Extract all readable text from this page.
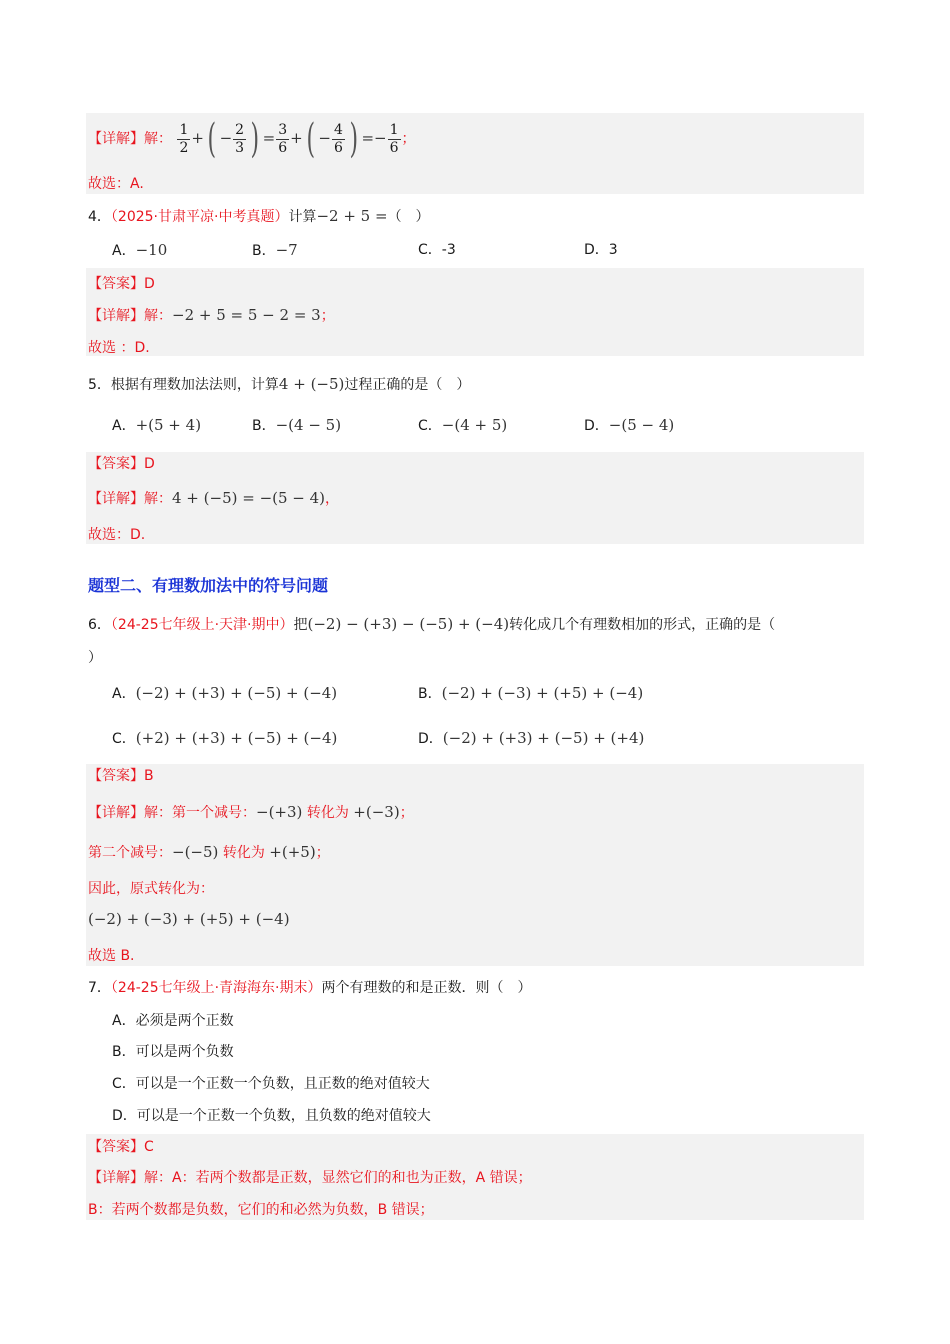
【详解】解： $\frac{1}{2}$ +( − $\frac{2}{3}$ ) = $\frac{3}{6}$ +( − $\frac{4}{6}$ ) =− $\frac{1}{6}$ ；
故选：A.
4．（2025·甘肃平凉·中考真题）计算−2 + 5 =（　）
A．−10	B．−7	C．-3	D．3
【答案】D
【详解】解：−2 + 5 = 5 − 2 = 3；
故选 ：D.
5．根据有理数加法法则，计算4 + (−5)过程正确的是（　）
A．+(5 + 4)	B．−(4 − 5)	C．−(4 + 5)	D．−(5 − 4)
【答案】D
【详解】解：4 + (−5) = −(5 − 4)，
故选：D.
题型二、有理数加法中的符号问题
6．（24-25七年级上·天津·期中）把(−2) − (+3) − (−5) + (−4)转化成几个有理数相加的形式，正确的是（
）
A．(−2) + (+3) + (−5) + (−4)	B．(−2) + (−3) + (+5) + (−4)
C．(+2) + (+3) + (−5) + (−4)	D．(−2) + (+3) + (−5) + (+4)
【答案】B
【详解】解：第一个减号：−(+3) 转化为 +(−3)；
第二个减号：−(−5) 转化为 +(+5)；
因此，原式转化为：
(−2) + (−3) + (+5) + (−4)
故选 B.
7．（24-25七年级上·青海海东·期末）两个有理数的和是正数．则（　）
A．必须是两个正数
B．可以是两个负数
C．可以是一个正数一个负数，且正数的绝对值较大
D．可以是一个正数一个负数，且负数的绝对值较大
【答案】C
【详解】解：A：若两个数都是正数，显然它们的和也为正数，A 错误；
B：若两个数都是负数，它们的和必然为负数，B 错误；
